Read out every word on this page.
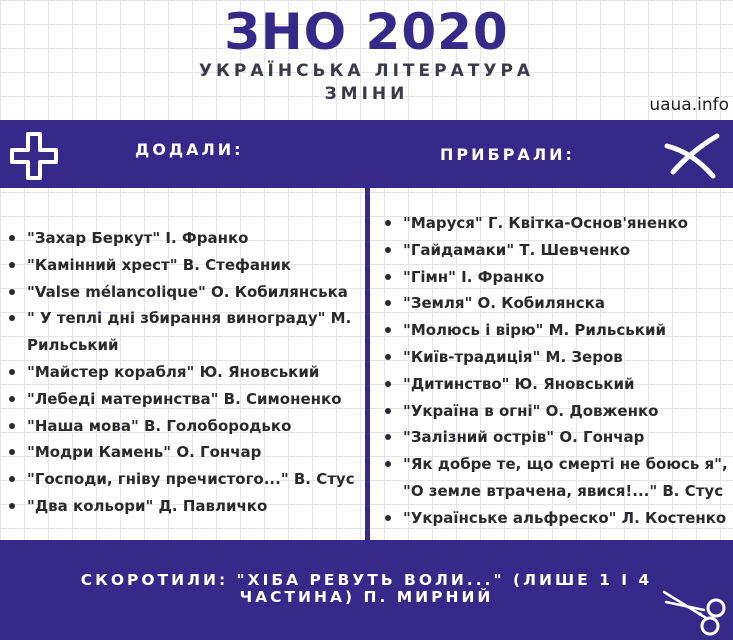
ЗНО 2020
УКРАЇНСЬКА ЛІТЕРАТУРА
ЗМІНИ
uaua.info
ДОДАЛИ:	ПРИБРАЛИ:
"Захар Беркут" І. Франко
"Камінний хрест" В. Стефаник
"Valse mélancolique" О. Кобилянська
" У теплі дні збирання винограду" М. Рильський
"Майстер корабля" Ю. Яновський
"Лебеді материнства" В. Симоненко
"Наша мова" В. Голобородько
"Модри Камень" О. Гончар
"Господи, гніву пречистого..." В. Стус
"Два кольори" Д. Павличко
"Маруся" Г. Квітка-Основ'яненко
"Гайдамаки" Т. Шевченко
"Гімн" І. Франко
"Земля" О. Кобилянска
"Молюсь і вірю" М. Рильський
"Київ-традиція" М. Зеров
"Дитинство" Ю. Яновський
"Україна в огні" О. Довженко
"Залізний острів" О. Гончар
"Як добре те, що смерті не боюсь я", "О земле втрачена, явися!..." В. Стус
"Українське альфреско" Л. Костенко
СКОРОТИЛИ: "ХІБА РЕВУТЬ ВОЛИ..." (ЛИШЕ 1 І 4 ЧАСТИНА) П. МИРНИЙ
